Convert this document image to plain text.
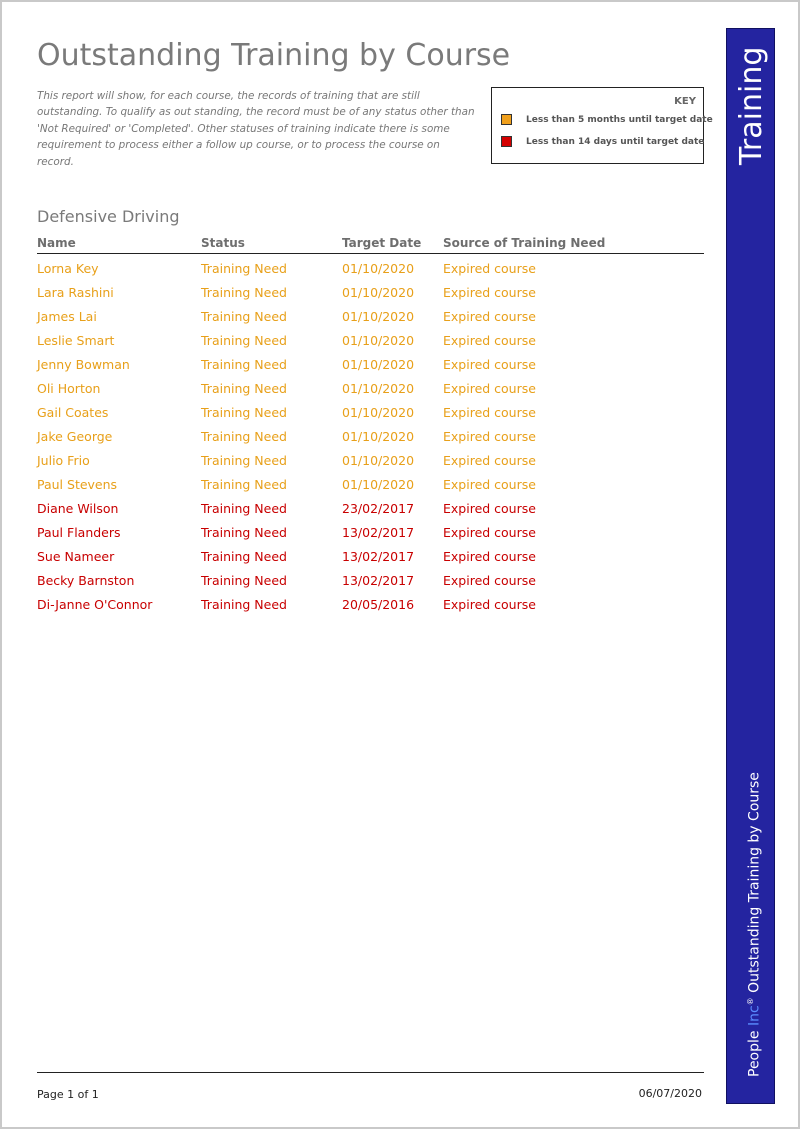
Outstanding Training by Course
This report will show, for each course, the records of training that are still outstanding. To qualify as out standing, the record must be of any status other than 'Not Required' or 'Completed'. Other statuses of training indicate there is some requirement to process either a follow up course, or to process the course on record.
KEY
Less than 5 months until target date
Less than 14 days until target date
Defensive Driving
Name	Status	Target Date Source of Training Need
Lorna Key	Training Need	01/10/2020 Expired course
Lara Rashini	Training Need	01/10/2020 Expired course
James Lai	Training Need	01/10/2020 Expired course
Leslie Smart	Training Need	01/10/2020 Expired course
Jenny Bowman	Training Need	01/10/2020 Expired course
Oli Horton	Training Need	01/10/2020 Expired course
Gail Coates	Training Need	01/10/2020 Expired course
Jake George	Training Need	01/10/2020 Expired course
Julio Frio	Training Need	01/10/2020 Expired course
Paul Stevens	Training Need	01/10/2020 Expired course
Diane Wilson	Training Need	23/02/2017 Expired course
Paul Flanders	Training Need	13/02/2017 Expired course
Sue Nameer	Training Need	13/02/2017 Expired course
Becky Barnston	Training Need	13/02/2017 Expired course
Di-Janne O'Connor	Training Need	20/05/2016 Expired course
Page 1 of 1	06/07/2020
Training
People Inc® Outstanding Training by Course
